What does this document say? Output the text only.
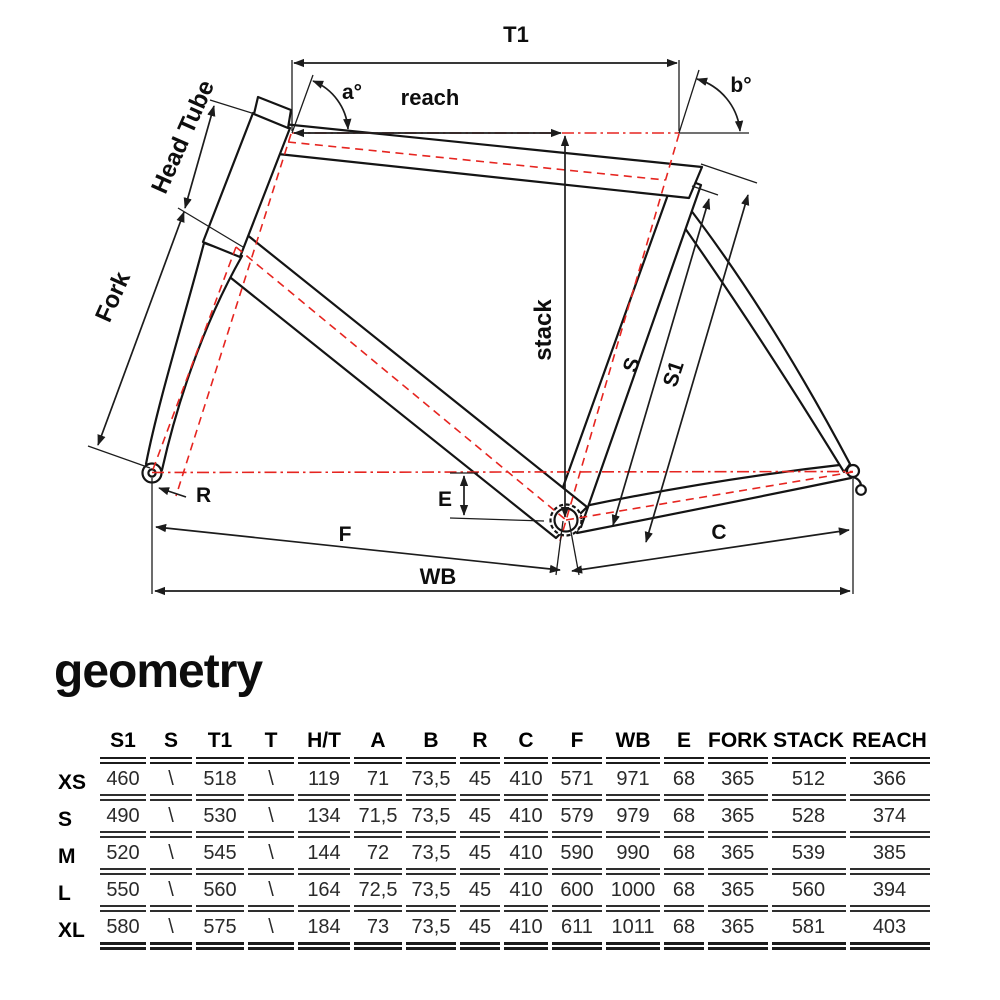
T1
reach
a°	b°
Head Tube
Fork
stack
S S1
R	E
F	C
WB
geometry
	S1	S	T1	T	H/T	A	B	R	C	F	WB	E	FORK	STACK	REACH
XS	460	\	518	\	119	71	73,5	45	410	571	971	68	365	512	366
S	490	\	530	\	134	71,5	73,5	45	410	579	979	68	365	528	374
M	520	\	545	\	144	72	73,5	45	410	590	990	68	365	539	385
L	550	\	560	\	164	72,5	73,5	45	410	600	1000	68	365	560	394
XL	580	\	575	\	184	73	73,5	45	410	611	1011	68	365	581	403
